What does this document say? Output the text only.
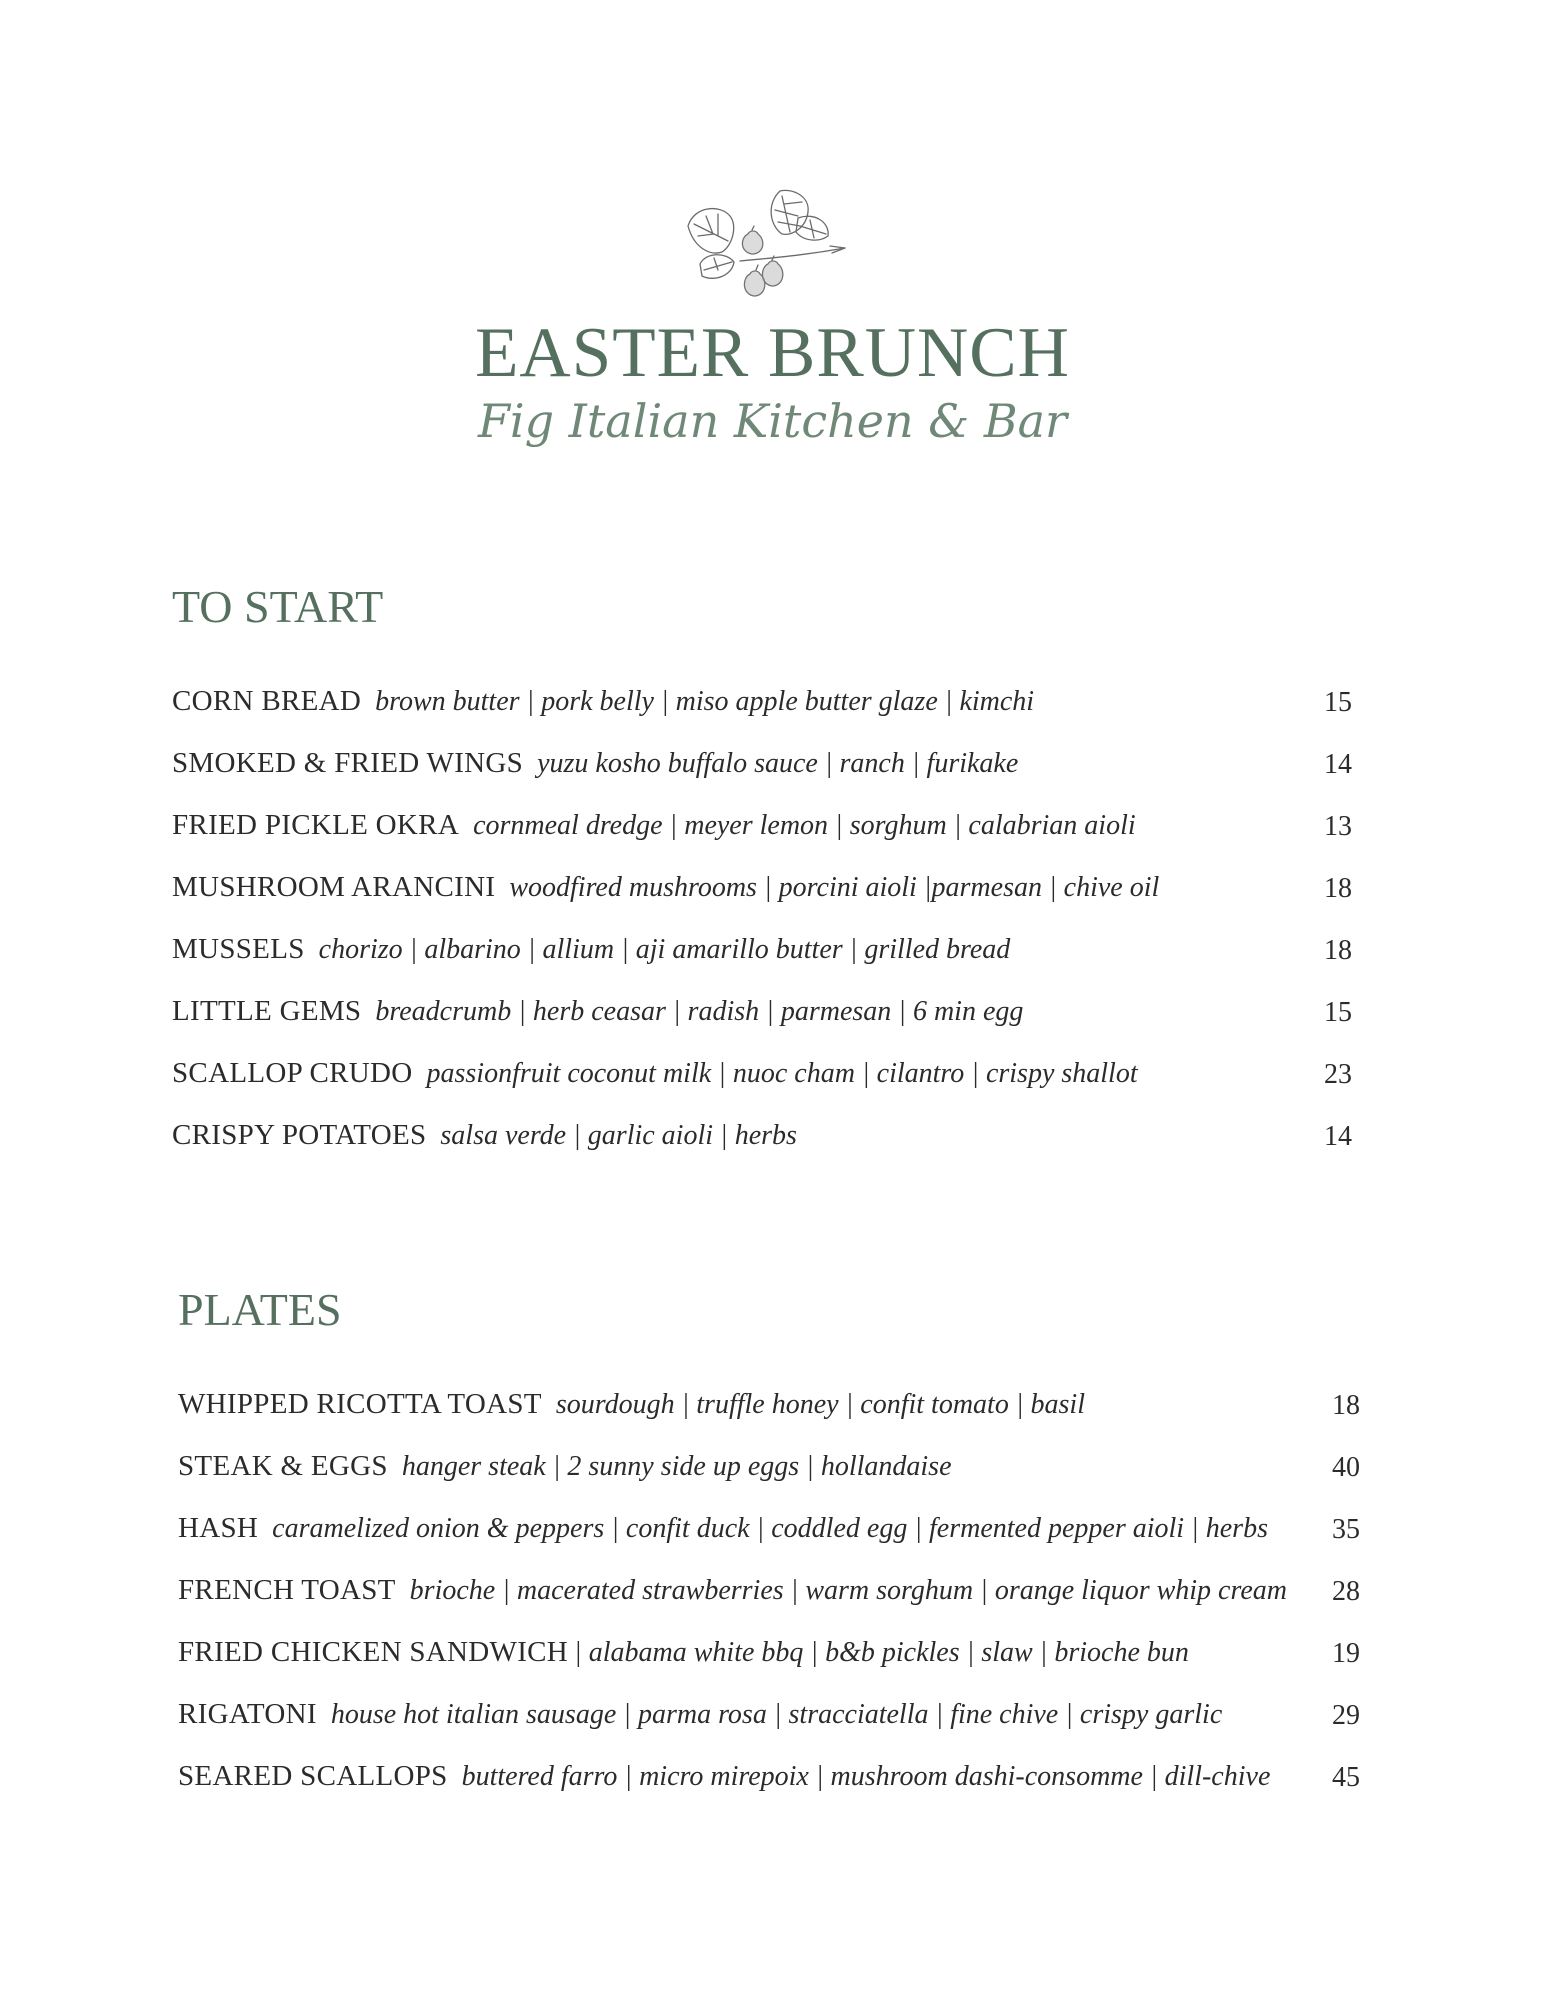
EASTER BRUNCH
Fig Italian Kitchen & Bar
TO START
CORN BREAD brown butter | pork belly | miso apple butter glaze | kimchi	15
SMOKED & FRIED WINGS yuzu kosho buffalo sauce | ranch | furikake	14
FRIED PICKLE OKRA cornmeal dredge | meyer lemon | sorghum | calabrian aioli	13
MUSHROOM ARANCINI woodfired mushrooms | porcini aioli |parmesan | chive oil	18
MUSSELS chorizo | albarino | allium | aji amarillo butter | grilled bread	18
LITTLE GEMS breadcrumb | herb ceasar | radish | parmesan | 6 min egg	15
SCALLOP CRUDO passionfruit coconut milk | nuoc cham | cilantro | crispy shallot	23
CRISPY POTATOES salsa verde | garlic aioli | herbs	14
PLATES
WHIPPED RICOTTA TOAST sourdough | truffle honey | confit tomato | basil	18
STEAK & EGGS hanger steak | 2 sunny side up eggs | hollandaise	40
HASH caramelized onion & peppers | confit duck | coddled egg | fermented pepper aioli | herbs 35
FRENCH TOAST brioche | macerated strawberries | warm sorghum | orange liquor whip cream 28
FRIED CHICKEN SANDWICH | alabama white bbq | b&b pickles | slaw | brioche bun	19
RIGATONI house hot italian sausage | parma rosa | stracciatella | fine chive | crispy garlic	29
SEARED SCALLOPS buttered farro | micro mirepoix | mushroom dashi-consomme | dill-chive 45
